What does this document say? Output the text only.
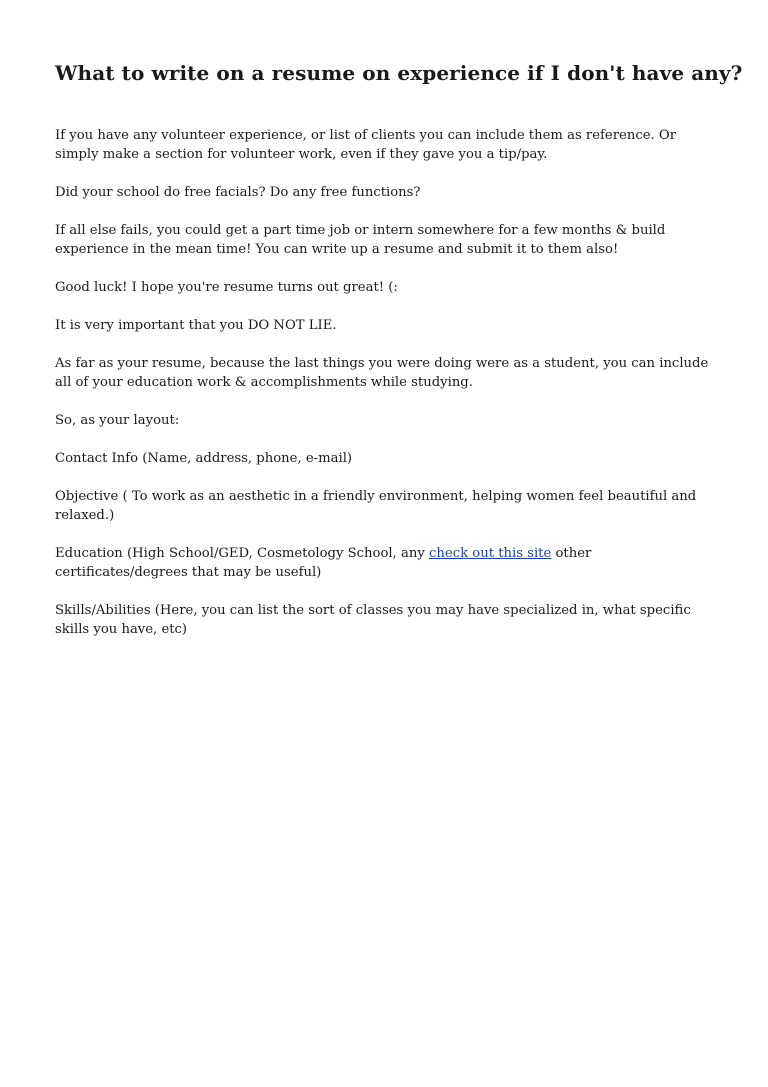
What to write on a resume on experience if I don't have any?

If you have any volunteer experience, or list of clients you can include them as reference. Or simply make a section for volunteer work, even if they gave you a tip/pay.

Did your school do free facials? Do any free functions?

If all else fails, you could get a part time job or intern somewhere for a few months & build experience in the mean time! You can write up a resume and submit it to them also!

Good luck! I hope you're resume turns out great! (:

It is very important that you DO NOT LIE.

As far as your resume, because the last things you were doing were as a student, you can include all of your education work & accomplishments while studying.

So, as your layout:

Contact Info (Name, address, phone, e-mail)

Objective ( To work as an aesthetic in a friendly environment, helping women feel beautiful and relaxed.)

Education (High School/GED, Cosmetology School, any check out this site other certificates/degrees that may be useful)

Skills/Abilities (Here, you can list the sort of classes you may have specialized in, what specific skills you have, etc)
